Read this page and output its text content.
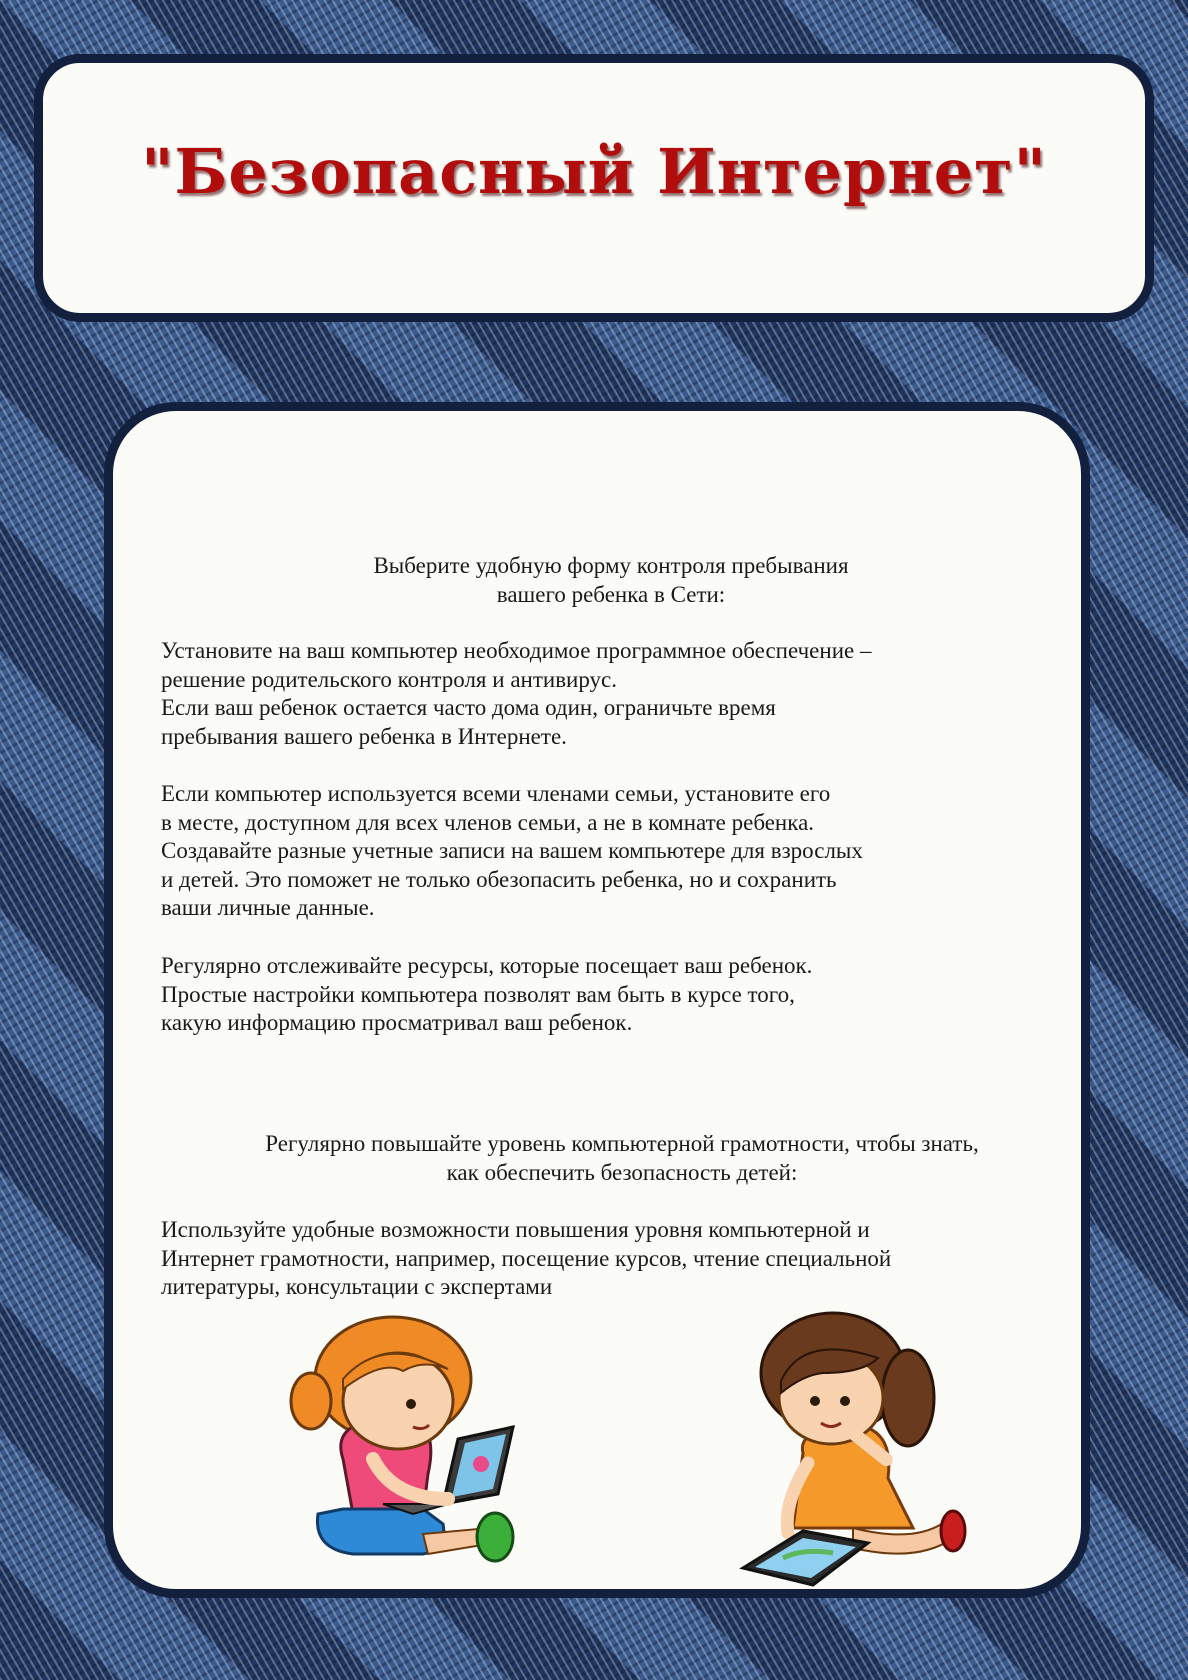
"Безопасный Интернет"
Выберите удобную форму контроля пребывания
вашего ребенка в Сети:
Установите на ваш компьютер необходимое программное обеспечение –
решение родительского контроля и антивирус.
Если ваш ребенок остается часто дома один, ограничьте время
пребывания вашего ребенка в Интернете.
Если компьютер используется всеми членами семьи, установите его
в месте, доступном для всех членов семьи, а не в комнате ребенка.
Создавайте разные учетные записи на вашем компьютере для взрослых
и детей. Это поможет не только обезопасить ребенка, но и сохранить
ваши личные данные.
Регулярно отслеживайте ресурсы, которые посещает ваш ребенок.
Простые настройки компьютера позволят вам быть в курсе того,
какую информацию просматривал ваш ребенок.
Регулярно повышайте уровень компьютерной грамотности, чтобы знать,
как обеспечить безопасность детей:
Используйте удобные возможности повышения уровня компьютерной и
Интернет грамотности, например, посещение курсов, чтение специальной
литературы, консультации с экспертами
